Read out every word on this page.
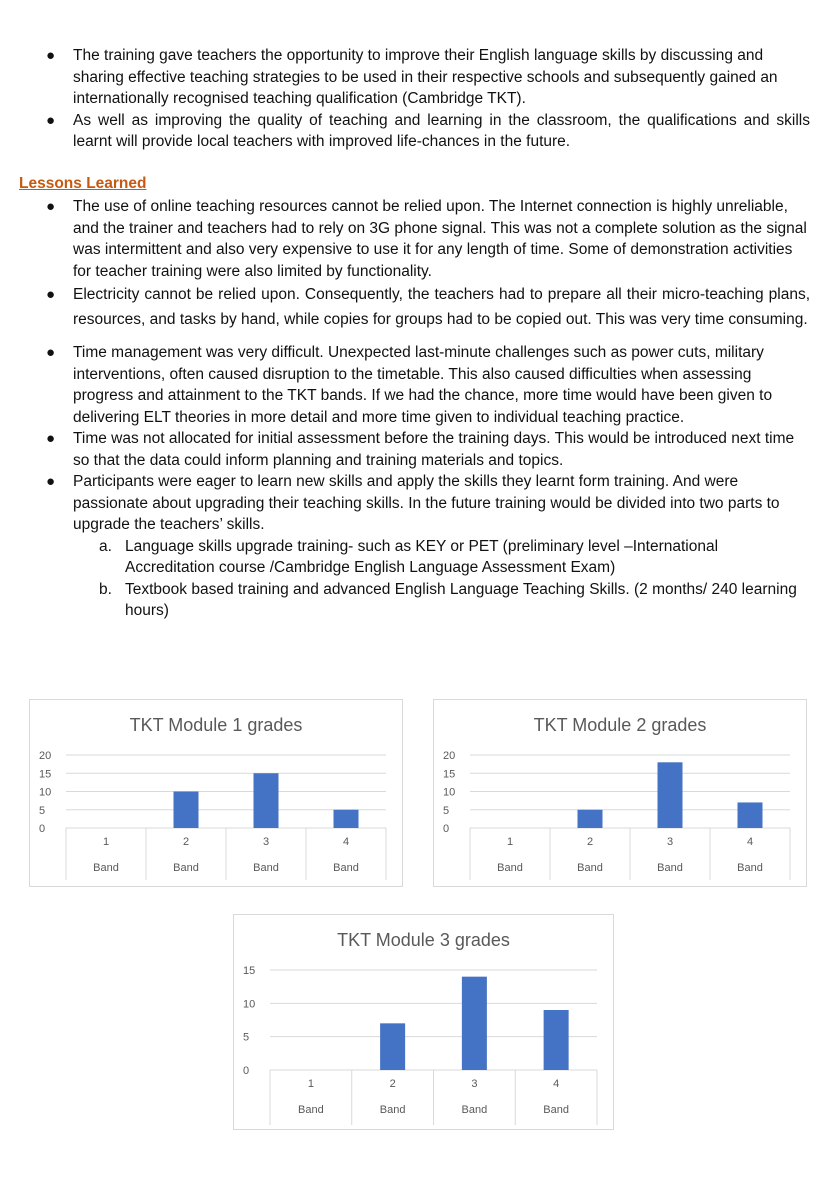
● The training gave teachers the opportunity to improve their English language skills by discussing and sharing effective teaching strategies to be used in their respective schools and subsequently gained an internationally recognised teaching qualification (Cambridge TKT).
● As well as improving the quality of teaching and learning in the classroom, the qualifications and skills learnt will provide local teachers with improved life-chances in the future.
Lessons Learned
● The use of online teaching resources cannot be relied upon. The Internet connection is highly unreliable, and the trainer and teachers had to rely on 3G phone signal. This was not a complete solution as the signal was intermittent and also very expensive to use it for any length of time. Some of demonstration activities for teacher training were also limited by functionality.
● Electricity cannot be relied upon. Consequently, the teachers had to prepare all their micro-teaching plans, resources, and tasks by hand, while copies for groups had to be copied out. This was very time consuming.
● Time management was very difficult. Unexpected last-minute challenges such as power cuts, military interventions, often caused disruption to the timetable. This also caused difficulties when assessing progress and attainment to the TKT bands. If we had the chance, more time would have been given to delivering ELT theories in more detail and more time given to individual teaching practice.
● Time was not allocated for initial assessment before the training days. This would be introduced next time so that the data could inform planning and training materials and topics.
● Participants were eager to learn new skills and apply the skills they learnt form training. And were passionate about upgrading their teaching skills. In the future training would be divided into two parts to upgrade the teachers’ skills.
a. Language skills upgrade training- such as KEY or PET (preliminary level –International Accreditation course /Cambridge English Language Assessment Exam)
b. Textbook based training and advanced English Language Teaching Skills. (2 months/ 240 learning hours)
TKT Module 1 grades
0
5
10
15
20
1
Band
2
Band
3
Band
4
Band
TKT Module 2 grades
0
5
10
15
20
1
Band
2
Band
3
Band
4
Band
TKT Module 3 grades
0
5
10
15
1
Band
2
Band
3
Band
4
Band
